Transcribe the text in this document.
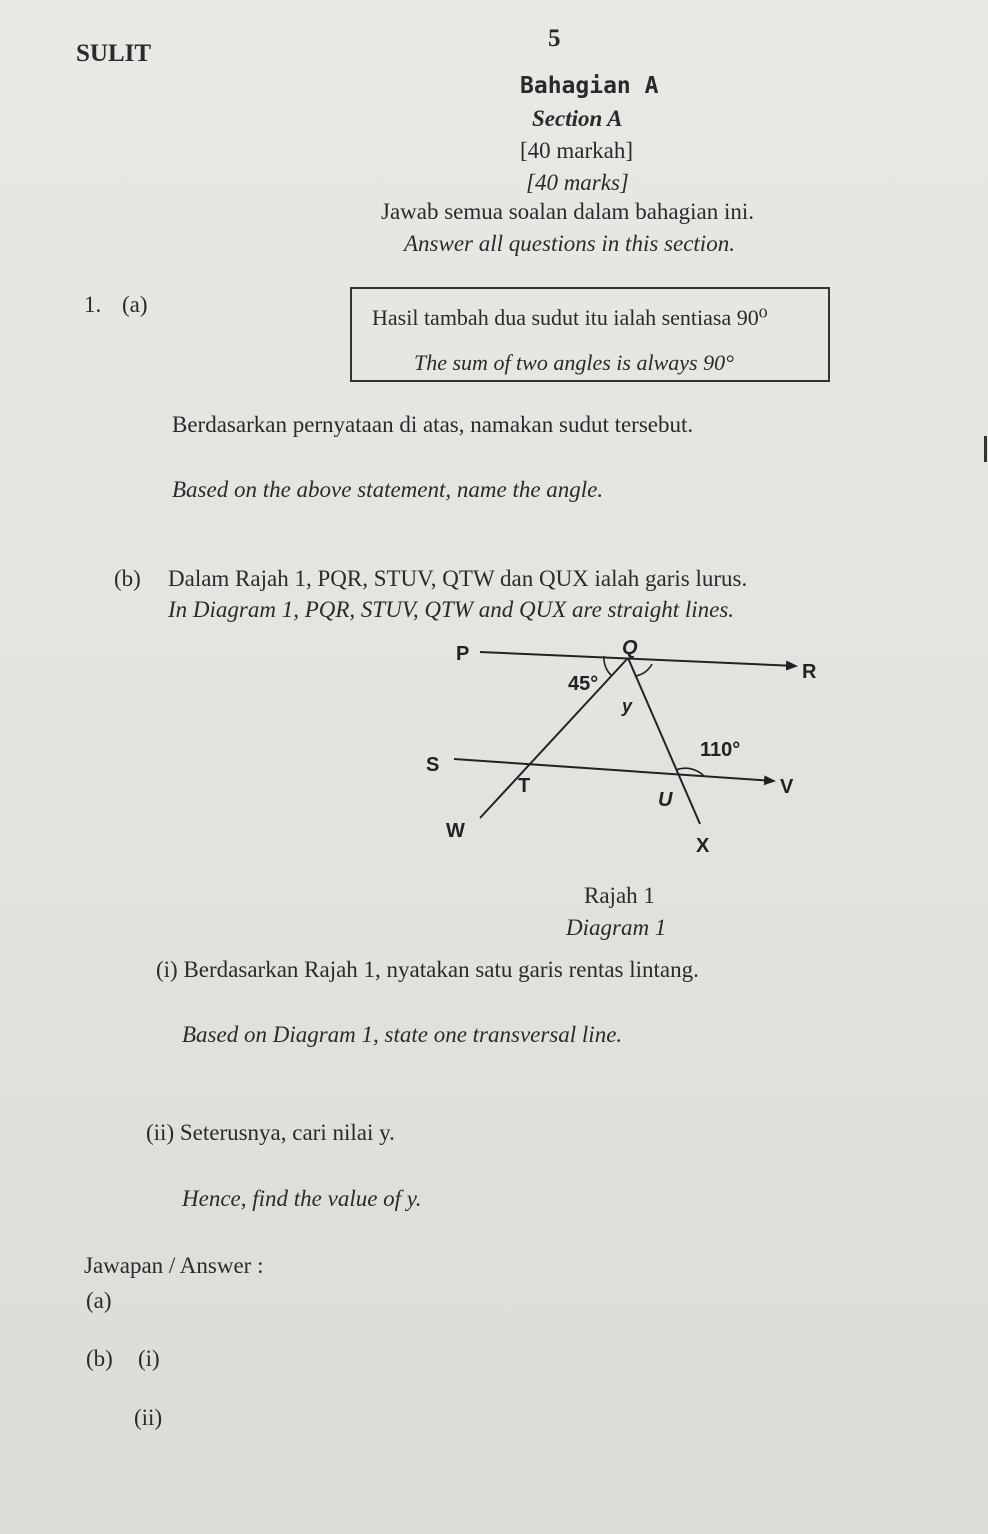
SULIT
5
Bahagian A
Section A
[40 markah]
[40 marks]
Jawab semua soalan dalam bahagian ini.
Answer all questions in this section.
1. (a)
Hasil tambah dua sudut itu ialah sentiasa 90⁰
The sum of two angles is always 90°
Berdasarkan pernyataan di atas, namakan sudut tersebut.
Based on the above statement, name the angle.
(b) Dalam Rajah 1, PQR, STUV, QTW dan QUX ialah garis lurus.
In Diagram 1, PQR, STUV, QTW and QUX are straight lines.
P	Q
R
S
T
U
V
W
X
y
45°
110°
Rajah 1
Diagram 1
(i) Berdasarkan Rajah 1, nyatakan satu garis rentas lintang.
Based on Diagram 1, state one transversal line.
(ii) Seterusnya, cari nilai y.
Hence, find the value of y.
Jawapan / Answer :
(a)
(b) (i)
(ii)
